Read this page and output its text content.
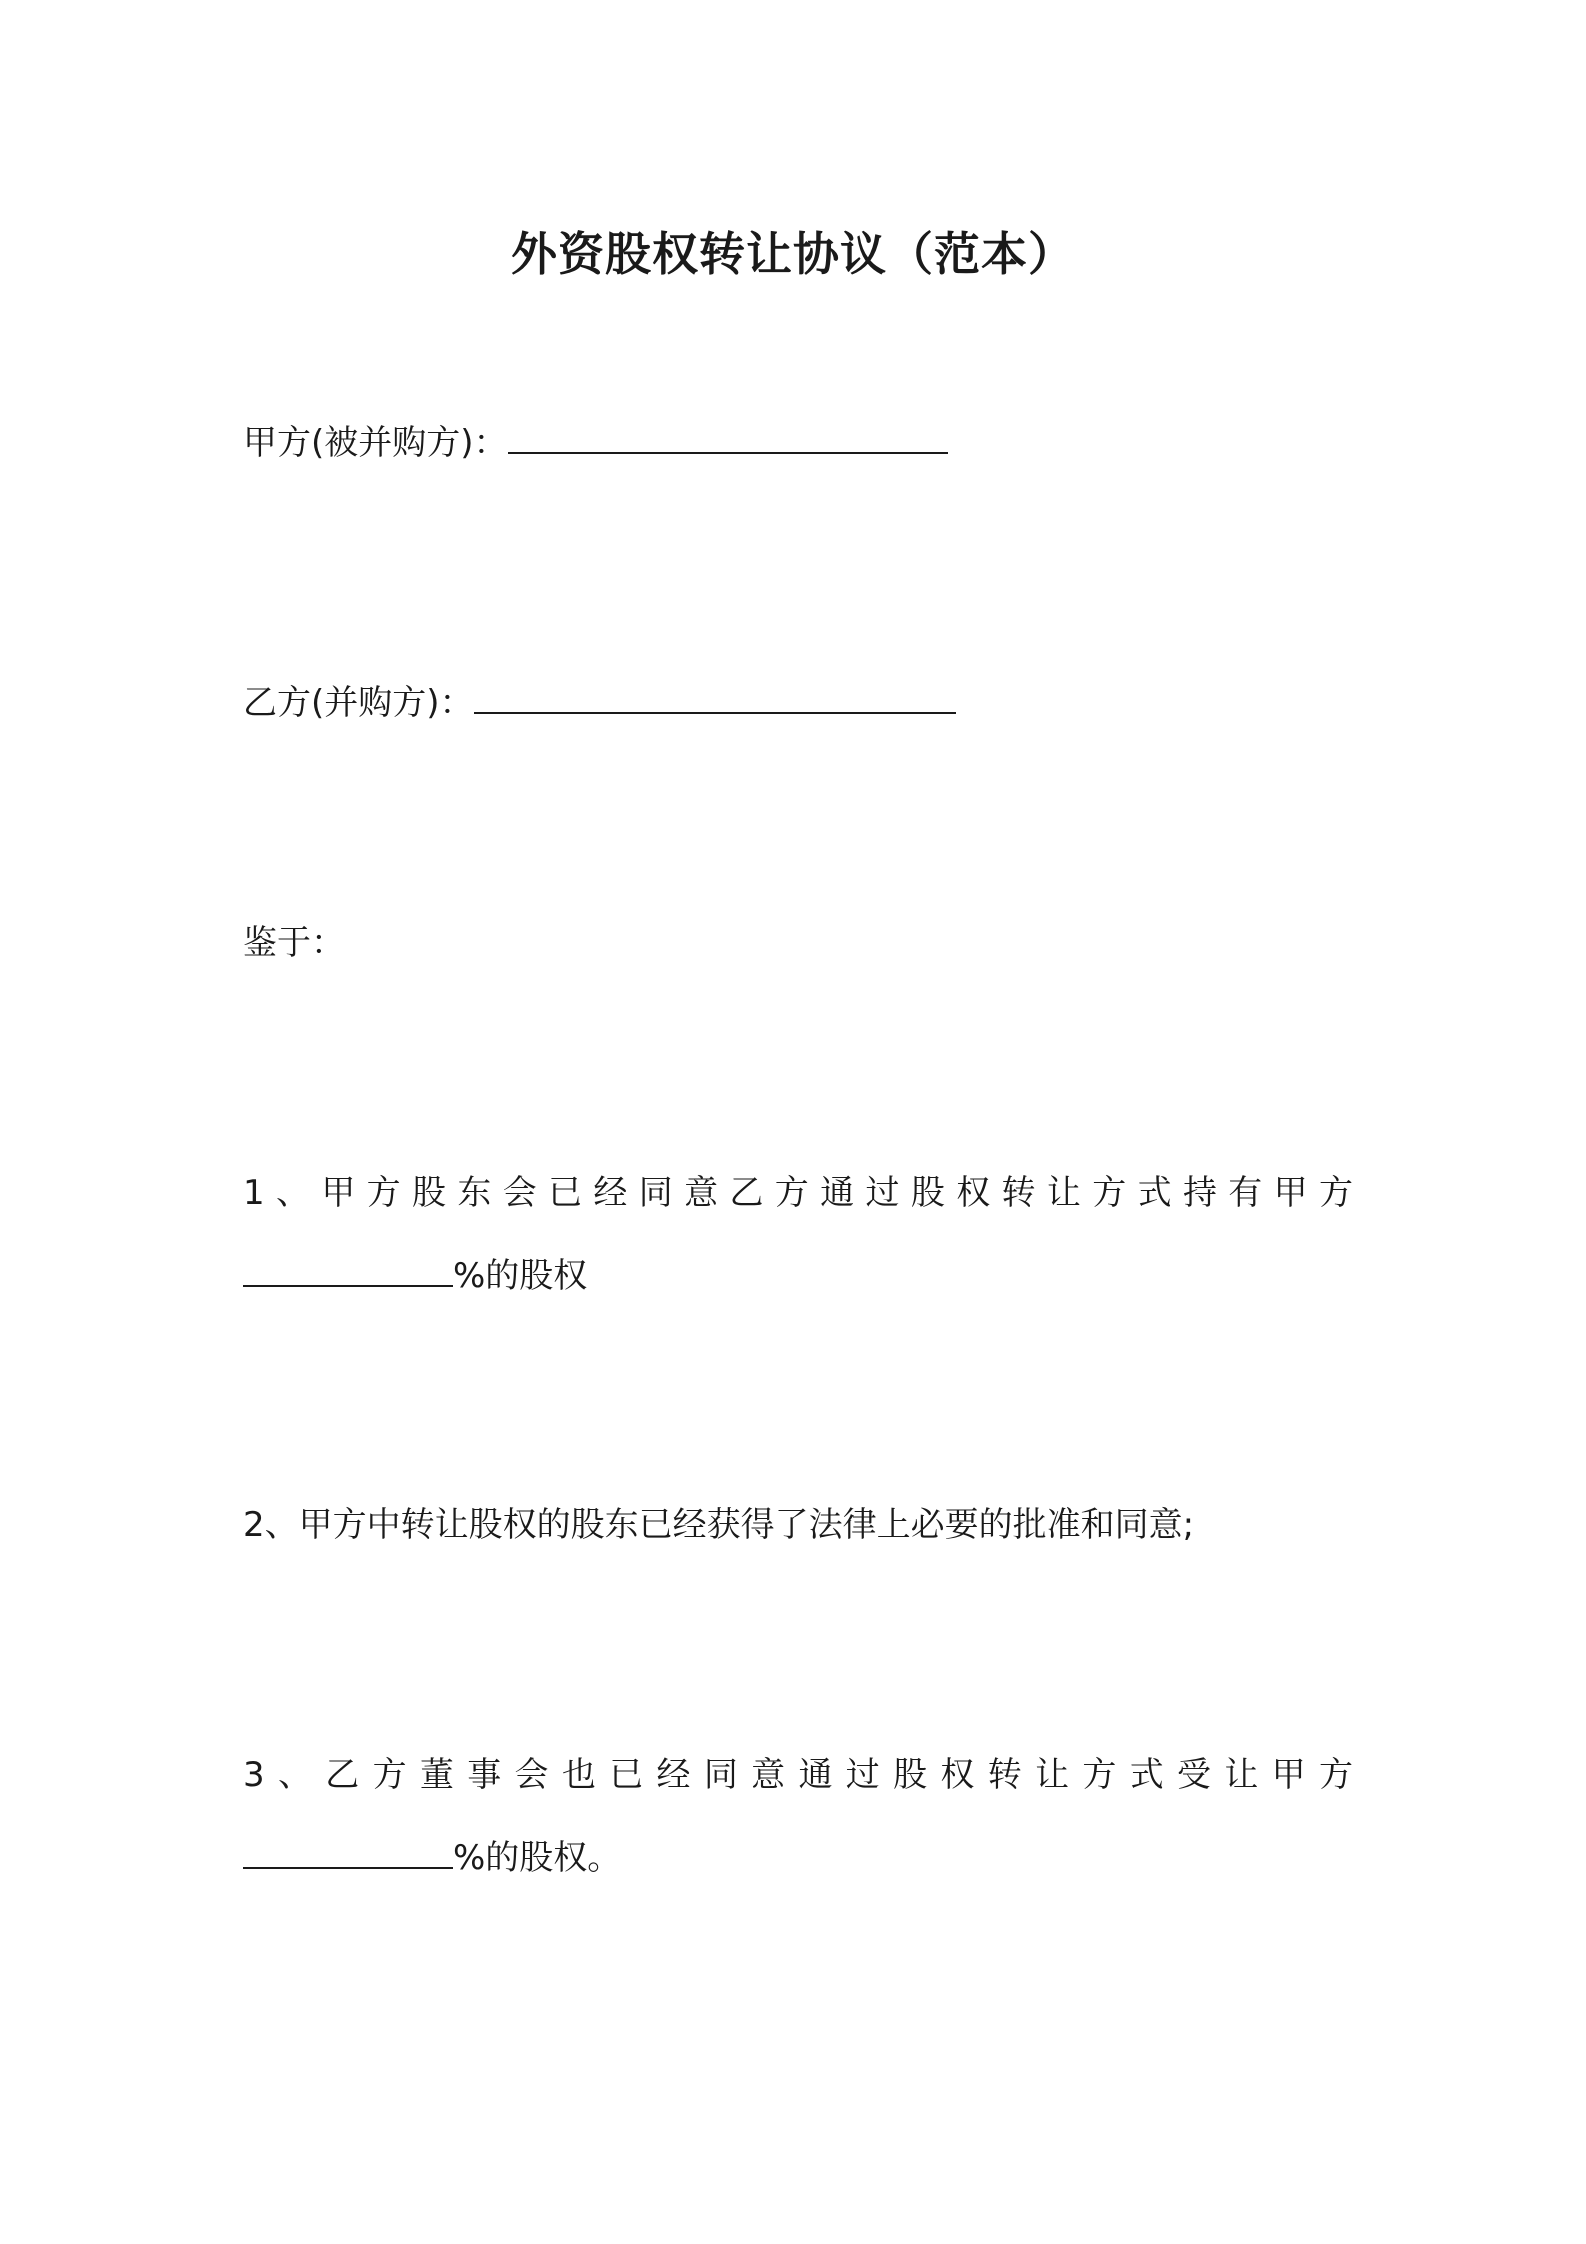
外资股权转让协议（范本）
甲方(被并购方)：
乙方(并购方)：
鉴于：
1、甲方股东会已经同意乙方通过股权转让方式持有甲方
%的股权
2、甲方中转让股权的股东已经获得了法律上必要的批准和同意;
3、乙方董事会也已经同意通过股权转让方式受让甲方
%的股权。
